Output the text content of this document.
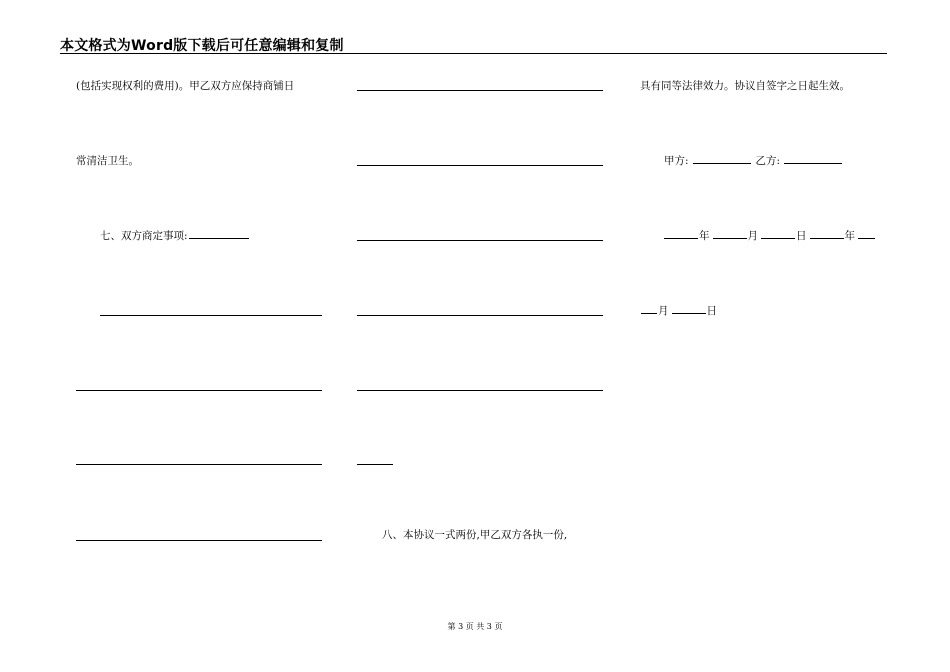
本文格式为Word版下载后可任意编辑和复制
(包括实现权利的费用)。甲乙双方应保持商铺日
常清洁卫生。
七、双方商定事项:
八、本协议一式两份,甲乙双方各执一份,
具有同等法律效力。协议自签字之日起生效。
甲方:	乙方:
年	月	日	年
月	日
第 3 页 共 3 页
